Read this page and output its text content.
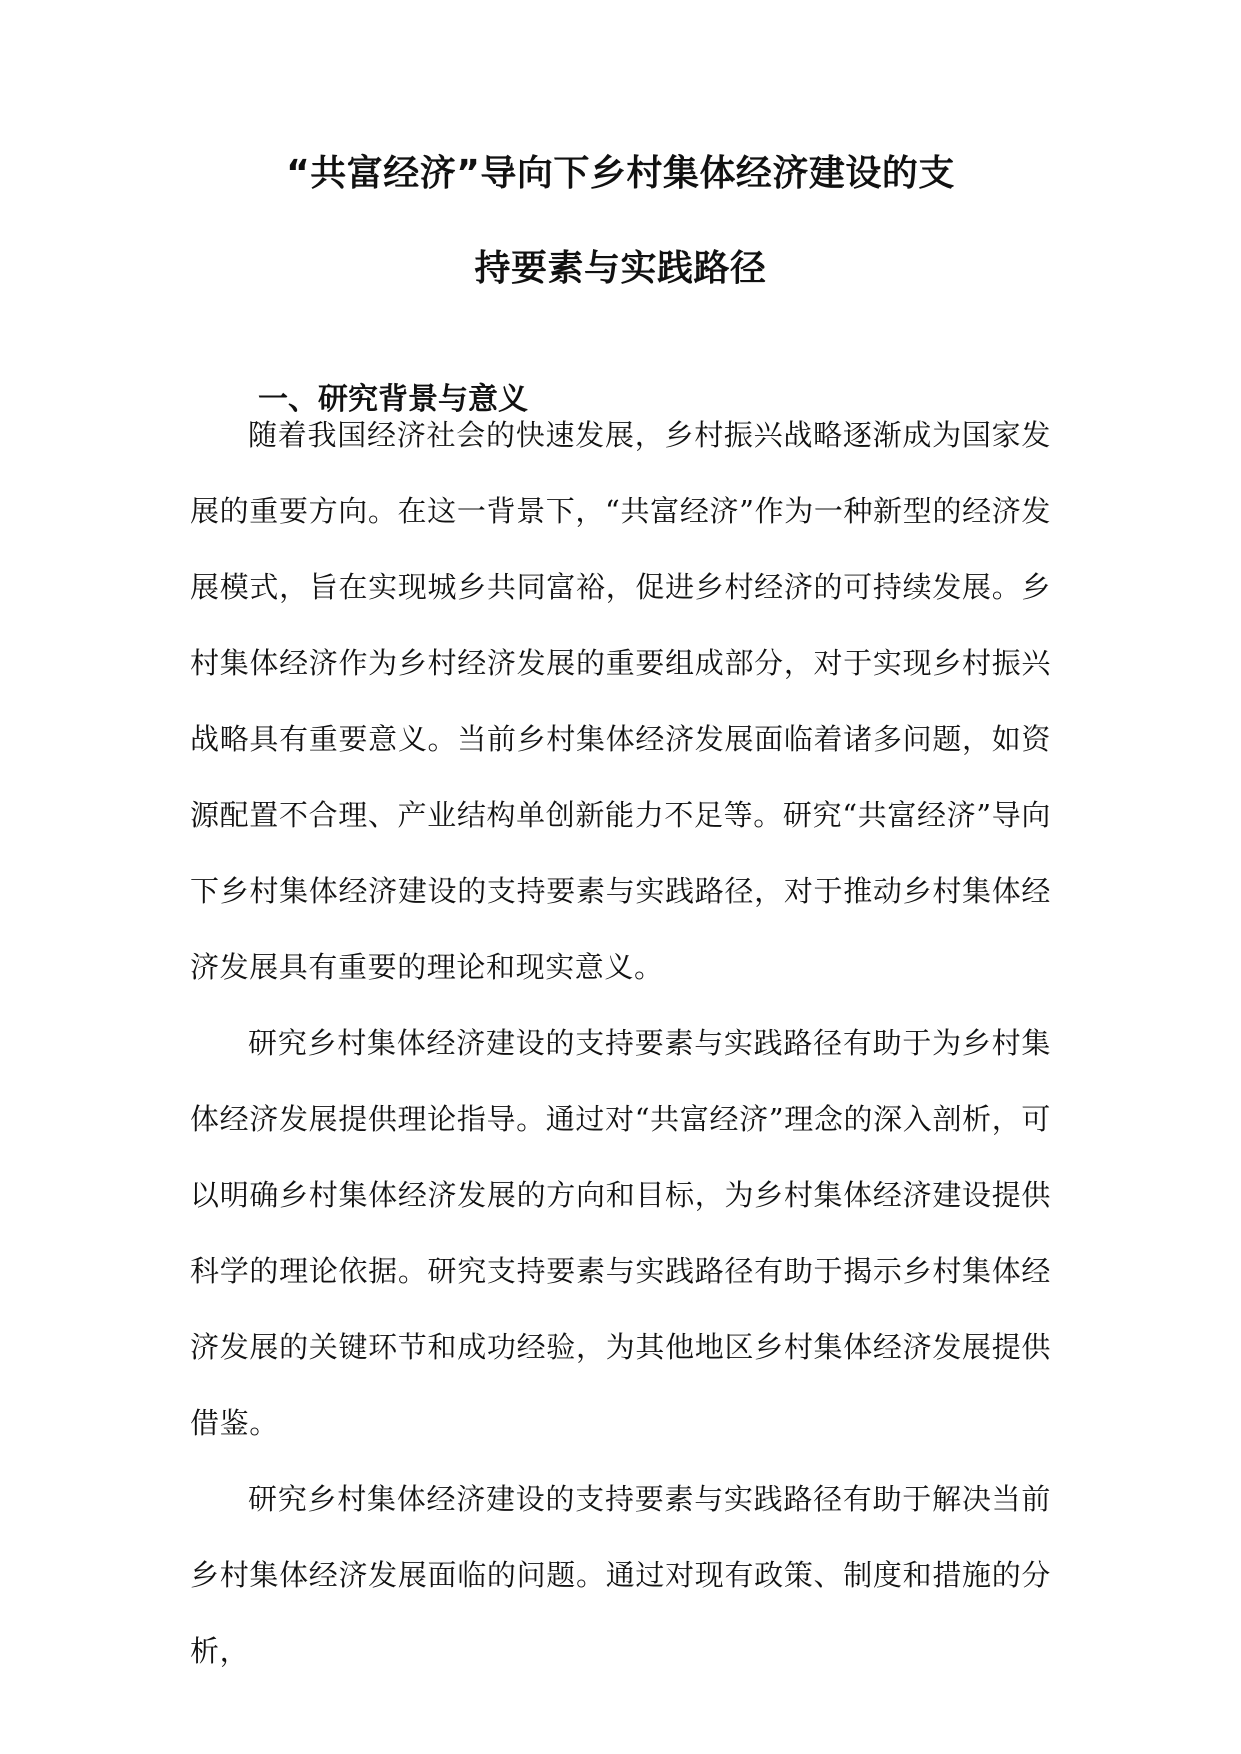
“共富经济”导向下乡村集体经济建设的支
持要素与实践路径
一、研究背景与意义

随着我国经济社会的快速发展，乡村振兴战略逐渐成为国家发展的重要方向。在这一背景下，“共富经济”作为一种新型的经济发展模式，旨在实现城乡共同富裕，促进乡村经济的可持续发展。乡村集体经济作为乡村经济发展的重要组成部分，对于实现乡村振兴战略具有重要意义。当前乡村集体经济发展面临着诸多问题，如资源配置不合理、产业结构单创新能力不足等。研究“共富经济”导向下乡村集体经济建设的支持要素与实践路径，对于推动乡村集体经济发展具有重要的理论和现实意义。

研究乡村集体经济建设的支持要素与实践路径有助于为乡村集体经济发展提供理论指导。通过对“共富经济”理念的深入剖析，可以明确乡村集体经济发展的方向和目标，为乡村集体经济建设提供科学的理论依据。研究支持要素与实践路径有助于揭示乡村集体经济发展的关键环节和成功经验，为其他地区乡村集体经济发展提供借鉴。

研究乡村集体经济建设的支持要素与实践路径有助于解决当前乡村集体经济发展面临的问题。通过对现有政策、制度和措施的分析，
